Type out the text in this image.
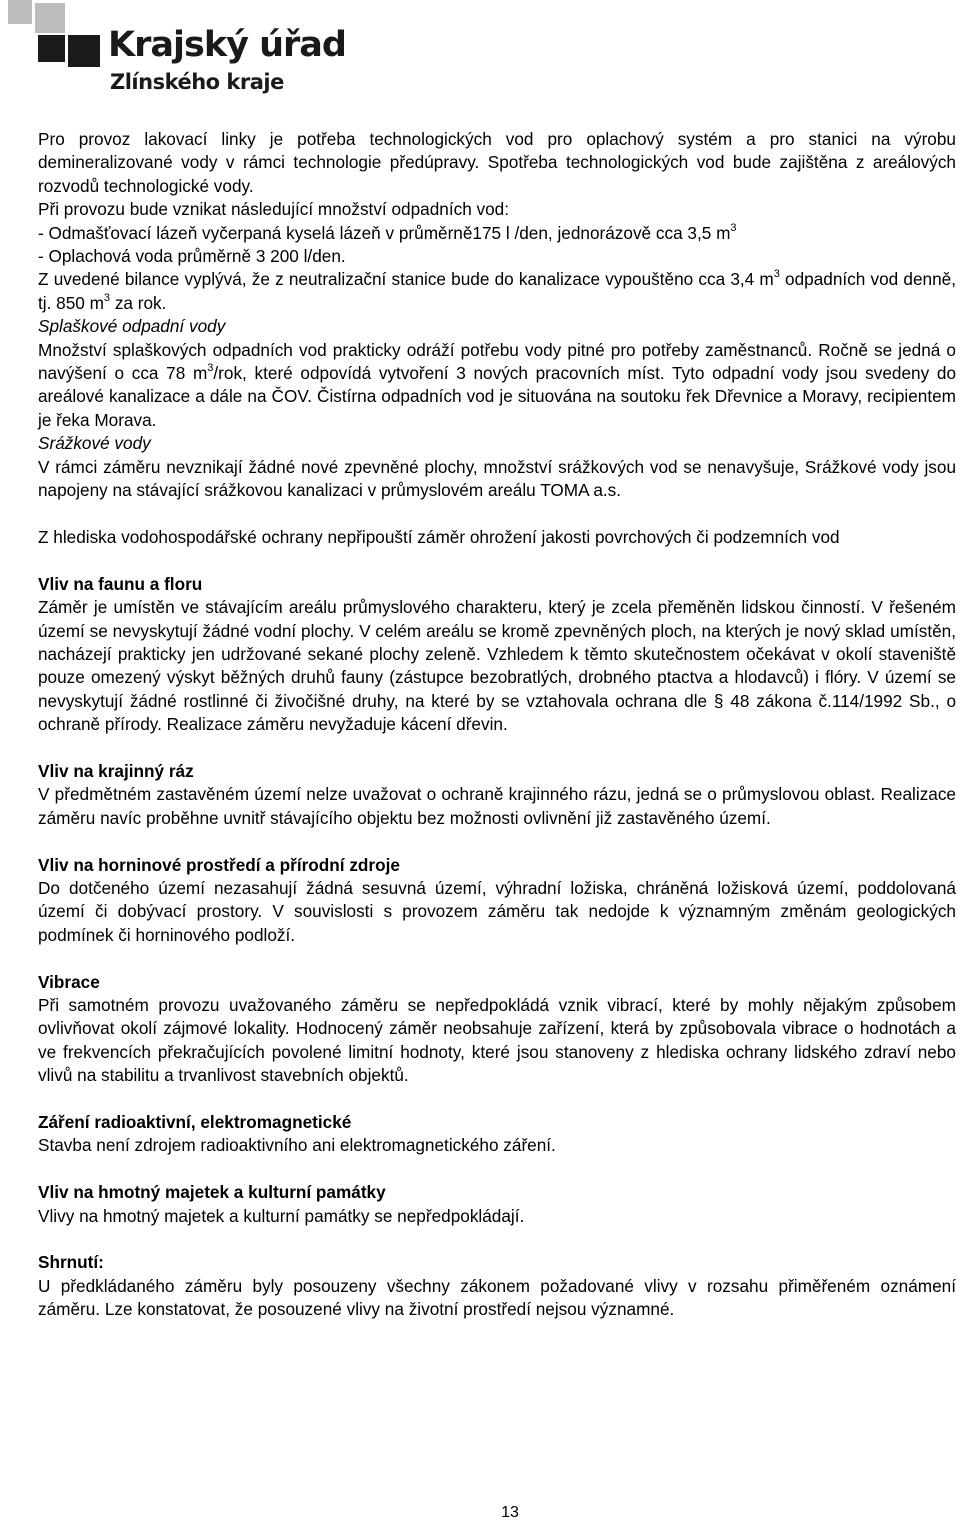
Krajský úřad
Zlínského kraje

Pro provoz lakovací linky je potřeba technologických vod pro oplachový systém a pro stanici na výrobu demineralizované vody v rámci technologie předúpravy. Spotřeba technologických vod bude zajištěna z areálových rozvodů technologické vody.

Při provozu bude vznikat následující množství odpadních vod:

- Odmašťovací lázeň vyčerpaná kyselá lázeň v průměrně175 l /den, jednorázově cca 3,5 $m^3$

- Oplachová voda průměrně 3 200 l/den.

Z uvedené bilance vyplývá, že z neutralizační stanice bude do kanalizace vypouštěno cca 3,4 $m^3$ odpadních vod denně, tj. 850 $m^3$ za rok.

Splaškové odpadní vody

Množství splaškových odpadních vod prakticky odráží potřebu vody pitné pro potřeby zaměstnanců. Ročně se jedná o navýšení o cca 78 $m^3$/rok, které odpovídá vytvoření 3 nových pracovních míst. Tyto odpadní vody jsou svedeny do areálové kanalizace a dále na ČOV. Čistírna odpadních vod je situována na soutoku řek Dřevnice a Moravy, recipientem je řeka Morava.

Srážkové vody

V rámci záměru nevznikají žádné nové zpevněné plochy, množství srážkových vod se nenavyšuje, Srážkové vody jsou napojeny na stávající srážkovou kanalizaci v průmyslovém areálu TOMA a.s.

Z hlediska vodohospodářské ochrany nepřipouští záměr ohrožení jakosti povrchových či podzemních vod

Vliv na faunu a floru

Záměr je umístěn ve stávajícím areálu průmyslového charakteru, který je zcela přeměněn lidskou činností. V řešeném území se nevyskytují žádné vodní plochy. V celém areálu se kromě zpevněných ploch, na kterých je nový sklad umístěn, nacházejí prakticky jen udržované sekané plochy zeleně. Vzhledem k těmto skutečnostem očekávat v okolí staveniště pouze omezený výskyt běžných druhů fauny (zástupce bezobratlých, drobného ptactva a hlodavců) i flóry. V území se nevyskytují žádné rostlinné či živočišné druhy, na které by se vztahovala ochrana dle § 48 zákona č.114/1992 Sb., o ochraně přírody. Realizace záměru nevyžaduje kácení dřevin.

Vliv na krajinný ráz

V předmětném zastavěném území nelze uvažovat o ochraně krajinného rázu, jedná se o průmyslovou oblast. Realizace záměru navíc proběhne uvnitř stávajícího objektu bez možnosti ovlivnění již zastavěného území.

Vliv na horninové prostředí a přírodní zdroje

Do dotčeného území nezasahují žádná sesuvná území, výhradní ložiska, chráněná ložisková území, poddolovaná území či dobývací prostory. V souvislosti s provozem záměru tak nedojde k významným změnám geologických podmínek či horninového podloží.

Vibrace

Při samotném provozu uvažovaného záměru se nepředpokládá vznik vibrací, které by mohly nějakým způsobem ovlivňovat okolí zájmové lokality. Hodnocený záměr neobsahuje zařízení, která by způsobovala vibrace o hodnotách a ve frekvencích překračujících povolené limitní hodnoty, které jsou stanoveny z hlediska ochrany lidského zdraví nebo vlivů na stabilitu a trvanlivost stavebních objektů.

Záření radioaktivní, elektromagnetické

Stavba není zdrojem radioaktivního ani elektromagnetického záření.

Vliv na hmotný majetek a kulturní památky

Vlivy na hmotný majetek a kulturní památky se nepředpokládají.

Shrnutí:

U předkládaného záměru byly posouzeny všechny zákonem požadované vlivy v rozsahu přiměřeném oznámení záměru. Lze konstatovat, že posouzené vlivy na životní prostředí nejsou významné.

13
